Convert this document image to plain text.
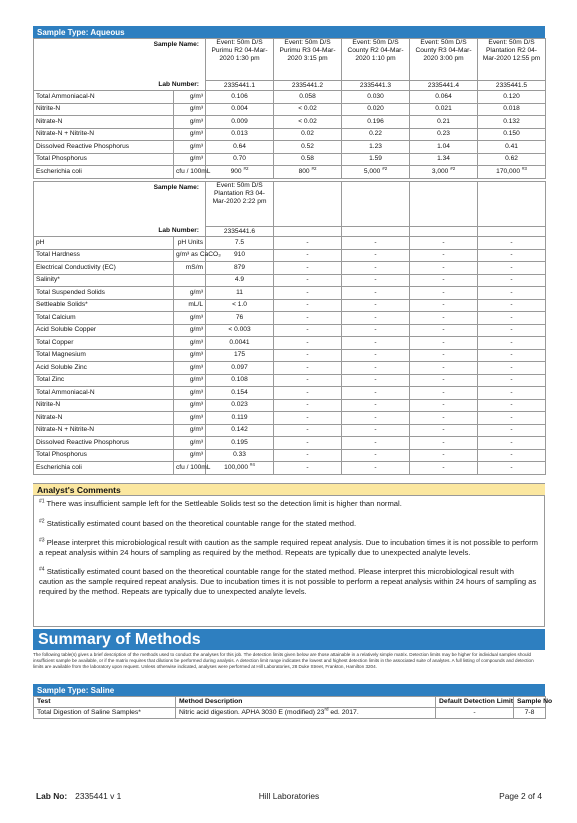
Sample Type: Aqueous
Sample Name:		Event: 50m D/S Purimu R2 04-Mar-2020 1:30 pm	Event: 50m D/S Purimu R3 04-Mar-2020 3:15 pm	Event: 50m D/S County R2 04-Mar-2020 1:10 pm	Event: 50m D/S County R3 04-Mar-2020 3:00 pm	Event: 50m D/S Plantation R2 04-Mar-2020 12:55 pm
Lab Number:		2335441.1	2335441.2	2335441.3	2335441.4	2335441.5
Total Ammoniacal-N	g/m³	0.106	0.058	0.030	0.064	0.120
Nitrite-N	g/m³	0.004	< 0.02	0.020	0.021	0.018
Nitrate-N	g/m³	0.009	< 0.02	0.196	0.21	0.132
Nitrate-N + Nitrite-N	g/m³	0.013	0.02	0.22	0.23	0.150
Dissolved Reactive Phosphorus	g/m³	0.64	0.52	1.23	1.04	0.41
Total Phosphorus	g/m³	0.70	0.58	1.59	1.34	0.62
Escherichia coli	cfu / 100mL	900 $^{\#2}$	800 $^{\#2}$	5,000 $^{\#2}$	3,000 $^{\#2}$	170,000 $^{\#3}$
Sample Name:		Event: 50m D/S Plantation R3 04-Mar-2020 2:22 pm				
Lab Number:		2335441.6				
pH	pH Units	7.5	-	-	-	-
Total Hardness	g/m³ as CaCO₃	910	-	-	-	-
Electrical Conductivity (EC)	mS/m	879	-	-	-	-
Salinity*		4.9	-	-	-	-
Total Suspended Solids	g/m³	11	-	-	-	-
Settleable Solids*	mL/L	< 1.0	-	-	-	-
Total Calcium	g/m³	76	-	-	-	-
Acid Soluble Copper	g/m³	< 0.003	-	-	-	-
Total Copper	g/m³	0.0041	-	-	-	-
Total Magnesium	g/m³	175	-	-	-	-
Acid Soluble Zinc	g/m³	0.097	-	-	-	-
Total Zinc	g/m³	0.108	-	-	-	-
Total Ammoniacal-N	g/m³	0.154	-	-	-	-
Nitrite-N	g/m³	0.023	-	-	-	-
Nitrate-N	g/m³	0.119	-	-	-	-
Nitrate-N + Nitrite-N	g/m³	0.142	-	-	-	-
Dissolved Reactive Phosphorus	g/m³	0.195	-	-	-	-
Total Phosphorus	g/m³	0.33	-	-	-	-
Escherichia coli	cfu / 100mL	100,000 $^{\#4}$	-	-	-	-
Analyst's Comments

$^{\#1}$ There was insufficient sample left for the Settleable Solids test so the detection limit is higher than normal.

$^{\#2}$ Statistically estimated count based on the theoretical countable range for the stated method.

$^{\#3}$ Please interpret this microbiological result with caution as the sample required repeat analysis. Due to incubation times it is not possible to perform a repeat analysis within 24 hours of sampling as required by the method. Repeats are typically due to unexpected analyte levels.

$^{\#4}$ Statistically estimated count based on the theoretical countable range for the stated method. Please interpret this microbiological result with caution as the sample required repeat analysis. Due to incubation times it is not possible to perform a repeat analysis within 24 hours of sampling as required by the method. Repeats are typically due to unexpected analyte levels.

Summary of Methods

The following table(s) gives a brief description of the methods used to conduct the analyses for this job. The detection limits given below are those attainable in a relatively simple matrix. Detection limits may be higher for individual samples should insufficient sample be available, or if the matrix requires that dilutions be performed during analysis. A detection limit range indicates the lowest and highest detection limits in the associated suite of analytes. A full listing of compounds and detection limits are available from the laboratory upon request. Unless otherwise indicated, analyses were performed at Hill Laboratories, 28 Duke Street, Frankton, Hamilton 3204.

Sample Type: Saline
Test	Method Description	Default Detection Limit	Sample No
Total Digestion of Saline Samples*	Nitric acid digestion. APHA 3030 E (modified) 23rd ed. 2017.	-	7-8
Hill Laboratories
Lab No: 2335441 v 1	Page 2 of 4
